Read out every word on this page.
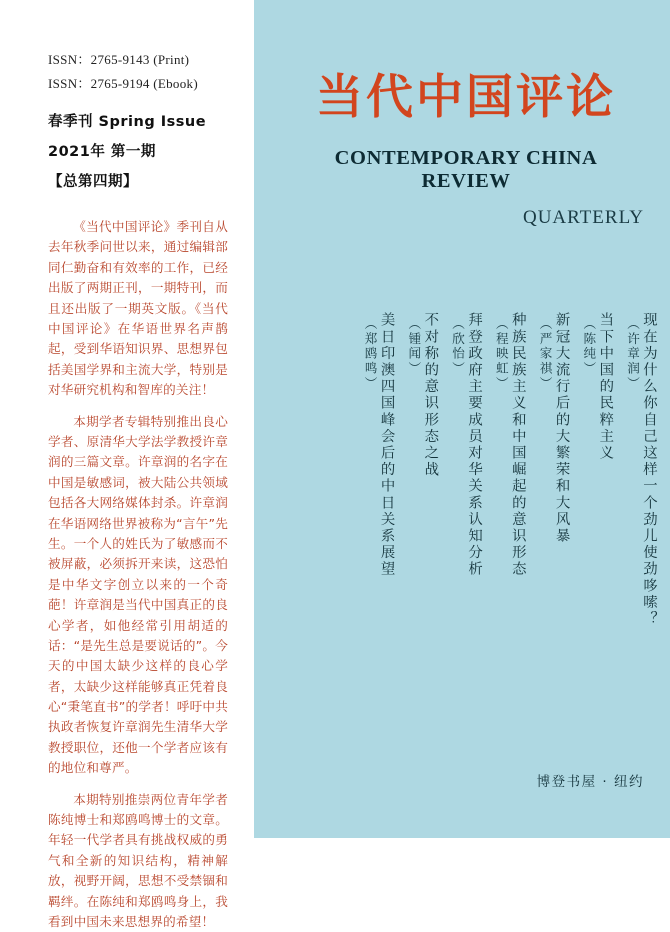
ISSN：2765-9143 (Print)
ISSN：2765-9194 (Ebook)
春季刊 Spring Issue
2021年 第一期
【总第四期】

《当代中国评论》季刊自从去年秋季问世以来，通过编辑部同仁勤奋和有效率的工作，已经出版了两期正刊，一期特刊，而且还出版了一期英文版。《当代中国评论》在华语世界名声鹊起，受到华语知识界、思想界包括美国学界和主流大学，特别是对华研究机构和智库的关注！

本期学者专辑特别推出良心学者、原清华大学法学教授许章润的三篇文章。许章润的名字在中国是敏感词，被大陆公共领域包括各大网络媒体封杀。许章润在华语网络世界被称为“言午”先生。一个人的姓氏为了敏感而不被屏蔽，必须拆开来读，这恐怕是中华文字创立以来的一个奇葩！许章润是当代中国真正的良心学者，如他经常引用胡适的话：“是先生总是要说话的”。今天的中国太缺少这样的良心学者，太缺少这样能够真正凭着良心“秉笔直书”的学者！呼吁中共执政者恢复许章润先生清华大学教授职位，还他一个学者应该有的地位和尊严。

本期特别推崇两位青年学者陈纯博士和郑鸥鸣博士的文章。年轻一代学者具有挑战权威的勇气和全新的知识结构，精神解放，视野开阔，思想不受禁锢和羁绊。在陈纯和郑鸥鸣身上，我看到中国未来思想界的希望！

当代中国评论
CONTEMPORARY CHINA REVIEW
QUARTERLY
现在为什么你自己这样一个劲儿使劲哆嗦？
（许章润）
当下中国的民粹主义
（陈纯）
新冠大流行后的大繁荣和大风暴
（严家祺）
种族民族主义和中国崛起的意识形态
（程映虹）
拜登政府主要成员对华关系认知分析
（欣怡）
不对称的意识形态之战
（锺闻）
美日印澳四国峰会后的中日关系展望
（郑鸥鸣）
博登书屋 · 纽约
